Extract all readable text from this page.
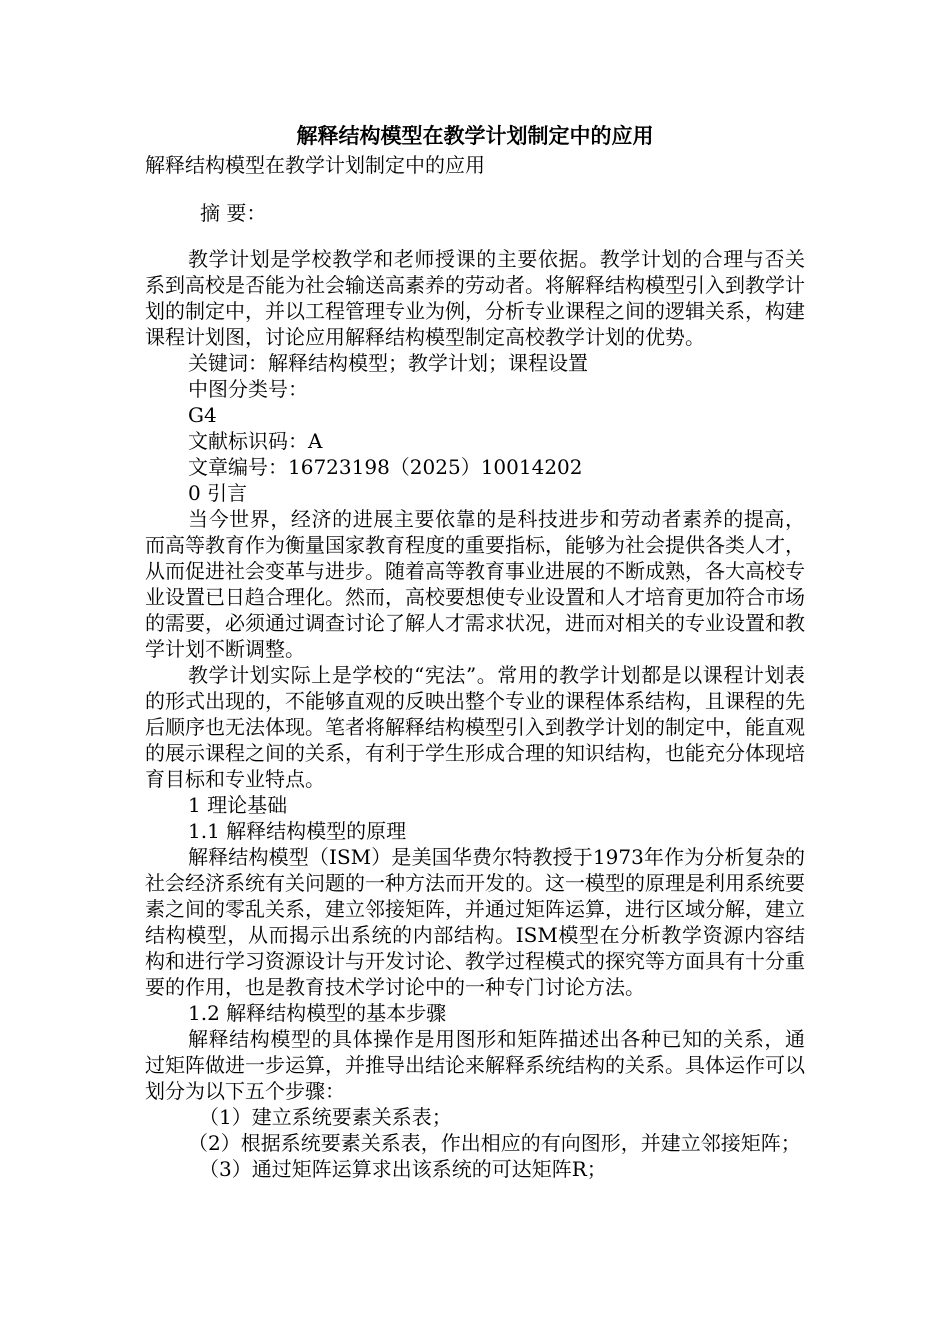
解释结构模型在教学计划制定中的应用

解释结构模型在教学计划制定中的应用

摘 要：

教学计划是学校教学和老师授课的主要依据。教学计划的合理与否关系到高校是否能为社会输送高素养的劳动者。将解释结构模型引入到教学计划的制定中，并以工程管理专业为例，分析专业课程之间的逻辑关系，构建课程计划图，讨论应用解释结构模型制定高校教学计划的优势。

关键词：解释结构模型；教学计划；课程设置

中图分类号：

G4

文献标识码：A

文章编号：16723198（2025）10014202

0 引言

当今世界，经济的进展主要依靠的是科技进步和劳动者素养的提高，而高等教育作为衡量国家教育程度的重要指标，能够为社会提供各类人才，从而促进社会变革与进步。随着高等教育事业进展的不断成熟，各大高校专业设置已日趋合理化。然而，高校要想使专业设置和人才培育更加符合市场的需要，必须通过调查讨论了解人才需求状况，进而对相关的专业设置和教学计划不断调整。

教学计划实际上是学校的“宪法”。常用的教学计划都是以课程计划表的形式出现的，不能够直观的反映出整个专业的课程体系结构，且课程的先后顺序也无法体现。笔者将解释结构模型引入到教学计划的制定中，能直观的展示课程之间的关系，有利于学生形成合理的知识结构，也能充分体现培育目标和专业特点。

1 理论基础

1.1 解释结构模型的原理

解释结构模型（ISM）是美国华费尔特教授于1973年作为分析复杂的社会经济系统有关问题的一种方法而开发的。这一模型的原理是利用系统要素之间的零乱关系，建立邻接矩阵，并通过矩阵运算，进行区域分解，建立结构模型，从而揭示出系统的内部结构。ISM模型在分析教学资源内容结构和进行学习资源设计与开发讨论、教学过程模式的探究等方面具有十分重要的作用，也是教育技术学讨论中的一种专门讨论方法。

1.2 解释结构模型的基本步骤

解释结构模型的具体操作是用图形和矩阵描述出各种已知的关系，通过矩阵做进一步运算，并推导出结论来解释系统结构的关系。具体运作可以划分为以下五个步骤：

（1）建立系统要素关系表；

（2）根据系统要素关系表，作出相应的有向图形，并建立邻接矩阵；

（3）通过矩阵运算求出该系统的可达矩阵R；
